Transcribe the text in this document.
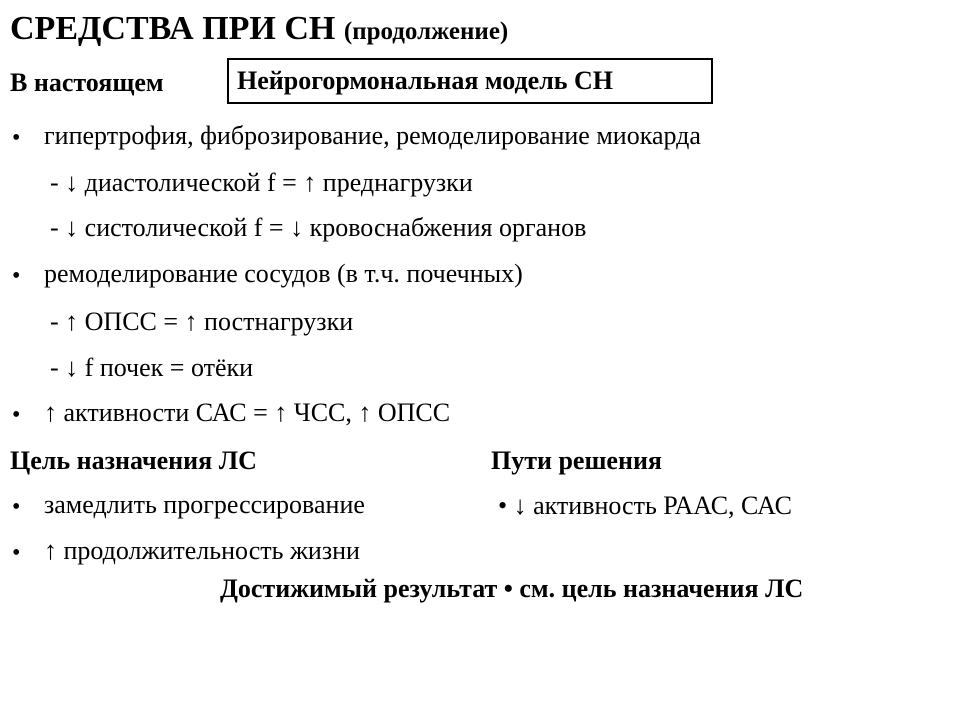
СРЕДСТВА ПРИ СН (продолжение)
В настоящем	Нейрогормональная модель СН
• гипертрофия, фиброзирование, ремоделирование миокарда
- ↓ диастолической f = ↑ преднагрузки
- ↓ систолической f = ↓ кровоснабжения органов
• ремоделирование сосудов (в т.ч. почечных)
- ↑ ОПСС = ↑ постнагрузки
- ↓ f почек = отёки
• ↑ активности САС = ↑ ЧСС, ↑ ОПСС
Цель назначения ЛС	Пути решения
• замедлить прогрессирование
• ↑ продолжительность жизни
• ↓ активность РААС, САС
Достижимый результат • см. цель назначения ЛС
